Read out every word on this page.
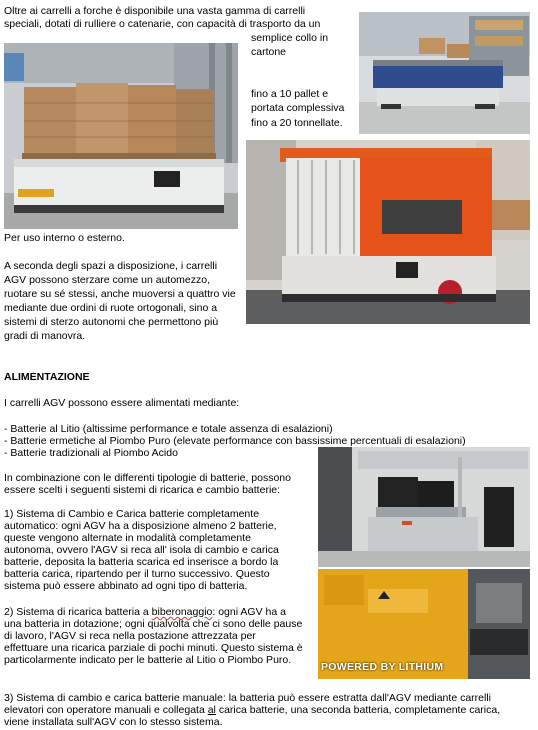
Oltre ai carrelli a forche è disponibile una vasta gamma di carrelli
speciali, dotati di rulliere o catenarie, con capacità di trasporto da un
semplice collo in
cartone
fino a 10 pallet e
portata complessiva
fino a 20 tonnellate.
Per uso interno o esterno.
A seconda degli spazi a disposizione, i carrelli
AGV possono sterzare come un automezzo,
ruotare su sé stessi, anche muoversi a quattro vie
mediante due ordini di ruote ortogonali, sino a
sistemi di sterzo autonomi che permettono più
gradi di manovra.
ALIMENTAZIONE
I carrelli AGV possono essere alimentati mediante:
- Batterie al Litio (altissime performance e totale assenza di esalazioni)
- Batterie ermetiche al Piombo Puro (elevate performance con bassissime percentuali di esalazioni)
- Batterie tradizionali al Piombo Acido
In combinazione con le differenti tipologie di batterie, possono
essere scelti i seguenti sistemi di ricarica e cambio batterie:
POWERED BY LITHIUM
1) Sistema di Cambio e Carica batterie completamente
automatico: ogni AGV ha a disposizione almeno 2 batterie,
queste vengono alternate in modalità completamente
autonoma, ovvero l'AGV si reca all' isola di cambio e carica
batterie, deposita la batteria scarica ed inserisce a bordo la
batteria carica, ripartendo per il turno successivo. Questo
sistema può essere abbinato ad ogni tipo di batteria.
2) Sistema di ricarica batteria a biberonaggio: ogni AGV ha a
una batteria in dotazione; ogni qualvolta che ci sono delle pause
di lavoro, l'AGV si reca nella postazione attrezzata per
effettuare una ricarica parziale di pochi minuti. Questo sistema è
particolarmente indicato per le batterie al Litio o Piombo Puro.
3) Sistema di cambio e carica batterie manuale: la batteria può essere estratta dall'AGV mediante carrelli
elevatori con operatore manuali e collegata al carica batterie, una seconda batteria, completamente carica,
viene installata sull'AGV con lo stesso sistema.
